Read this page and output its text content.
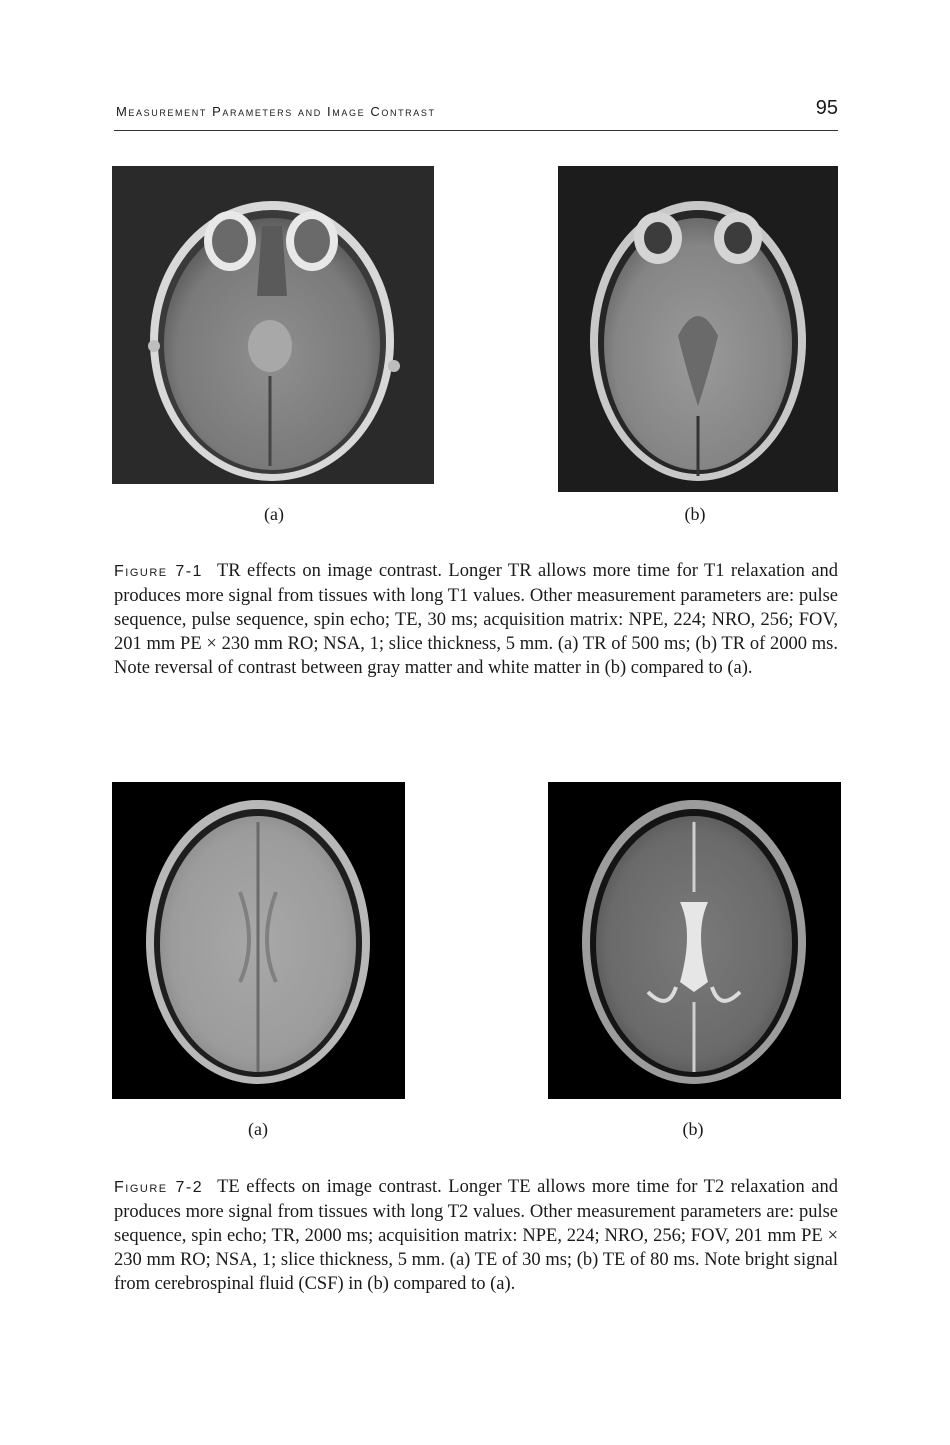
Measurement Parameters and Image Contrast	95
(a)	(b)
Figure 7-1 TR effects on image contrast. Longer TR allows more time for T1 relaxation and produces more signal from tissues with long T1 values. Other measurement parameters are: pulse sequence, pulse sequence, spin echo; TE, 30 ms; acquisition matrix: NPE, 224; NRO, 256; FOV, 201 mm PE × 230 mm RO; NSA, 1; slice thickness, 5 mm. (a) TR of 500 ms; (b) TR of 2000 ms. Note reversal of contrast between gray matter and white matter in (b) compared to (a).
(a)	(b)
Figure 7-2 TE effects on image contrast. Longer TE allows more time for T2 relaxation and produces more signal from tissues with long T2 values. Other measurement parameters are: pulse sequence, spin echo; TR, 2000 ms; acquisition matrix: NPE, 224; NRO, 256; FOV, 201 mm PE × 230 mm RO; NSA, 1; slice thickness, 5 mm. (a) TE of 30 ms; (b) TE of 80 ms. Note bright signal from cerebrospinal fluid (CSF) in (b) compared to (a).
